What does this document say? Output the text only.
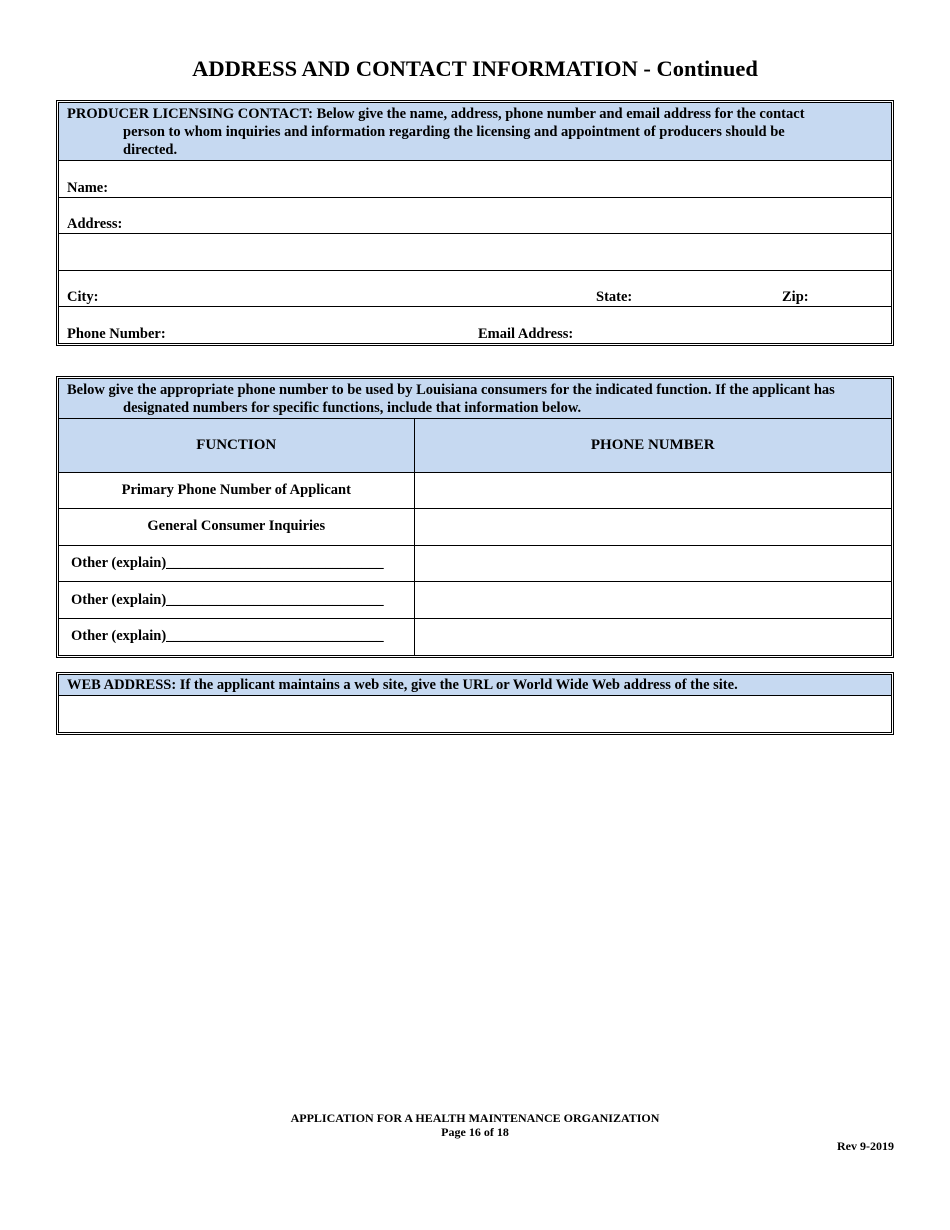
ADDRESS AND CONTACT INFORMATION - Continued
PRODUCER LICENSING CONTACT: Below give the name, address, phone number and email address for the contact
person to whom inquiries and information regarding the licensing and appointment of producers should be
directed.
Name:
Address:
City:	State:	Zip:
Phone Number:	Email Address:
Below give the appropriate phone number to be used by Louisiana consumers for the indicated function. If the applicant has
designated numbers for specific functions, include that information below.
FUNCTION	PHONE NUMBER
Primary Phone Number of Applicant	
General Consumer Inquiries	
Other (explain)______________________________	
Other (explain)______________________________	
Other (explain)______________________________	
WEB ADDRESS: If the applicant maintains a web site, give the URL or World Wide Web address of the site.
APPLICATION FOR A HEALTH MAINTENANCE ORGANIZATION
Page 16 of 18
Rev 9-2019
